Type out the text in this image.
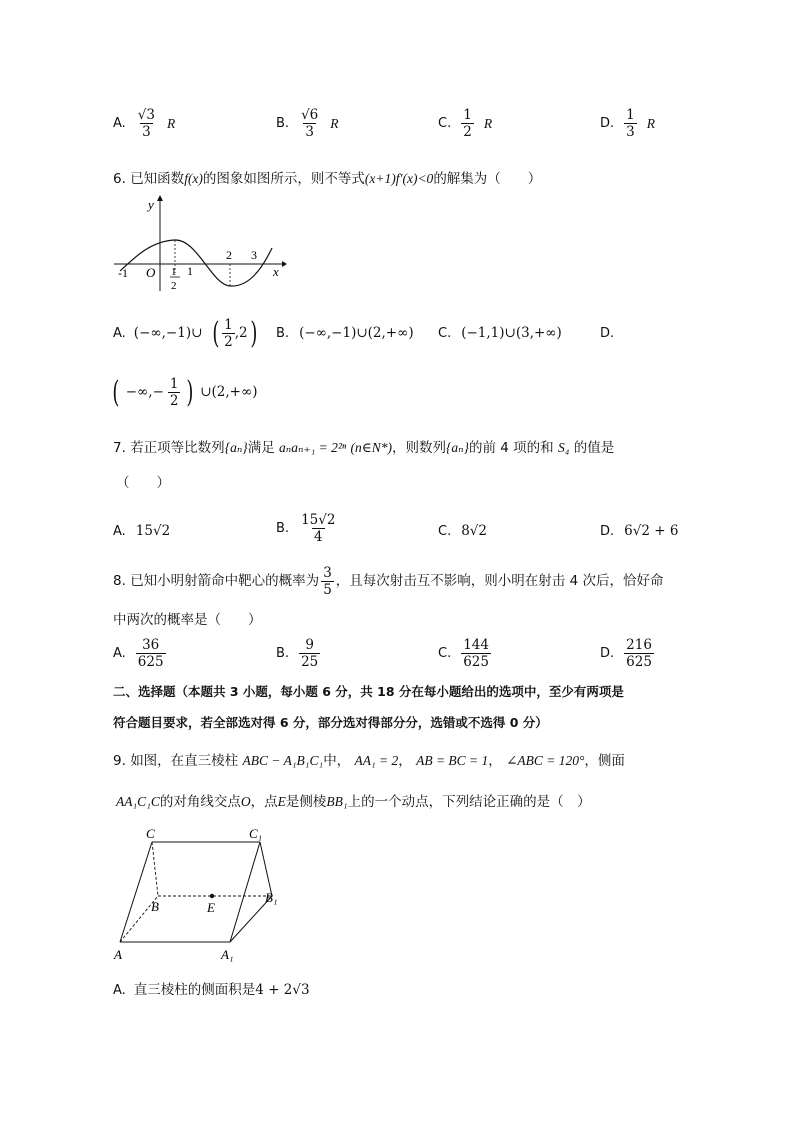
A. $\frac{√3}{3}$ R	B. $\frac{√6}{3}$ R	C. $\frac{1}{2}$ R	D. $\frac{1}{3}$ R
6. 已知函数f(x)的图象如图所示，则不等式(x+1)f′(x)<0的解集为（　　）
y
x
O
-1	1
2
1
2 3
A. (−∞,−1)∪ ( $\frac{1}{2} ,2$ ) B. (−∞,−1)∪(2,+∞) C. (−1,1)∪(3,+∞)	D.
( −∞,− $\frac{1}{2}$ ) ∪(2,+∞)
7. 若正项等比数列{aₙ}满足 aₙaₙ₊₁ = 2²ⁿ (n∈N*)，则数列{aₙ}的前 4 项的和 S₄ 的值是
（　　）
A. 15√2	B. $\frac{15√2}{4}$	C. 8√2	D. 6√2 + 6
8.
已知小明射箭命中靶心的概率为 $\frac{3}{5}$ ，且每次射击互不影响，则小明在射击 4 次后，恰好命
中两次的概率是（　　）
A. $\frac{36}{625}$	B. $\frac{9}{25}$	C. $\frac{144}{625}$	D. $\frac{216}{625}$
二、选择题（本题共 3 小题，每小题 6 分，共 18 分在每小题给出的选项中，至少有两项是
符合题目要求，若全部选对得 6 分，部分选对得部分分，选错或不选得 0 分）
9. 如图，在直三棱柱 ABC − A₁B₁C₁中， AA₁ = 2， AB = BC = 1， ∠ABC = 120°，侧面
AA₁C₁C的对角线交点O，点E是侧棱BB₁上的一个动点，下列结论正确的是（　）
C	C₁
B	E
B₁
A	A₁
A. 直三棱柱的侧面积是4 + 2√3
